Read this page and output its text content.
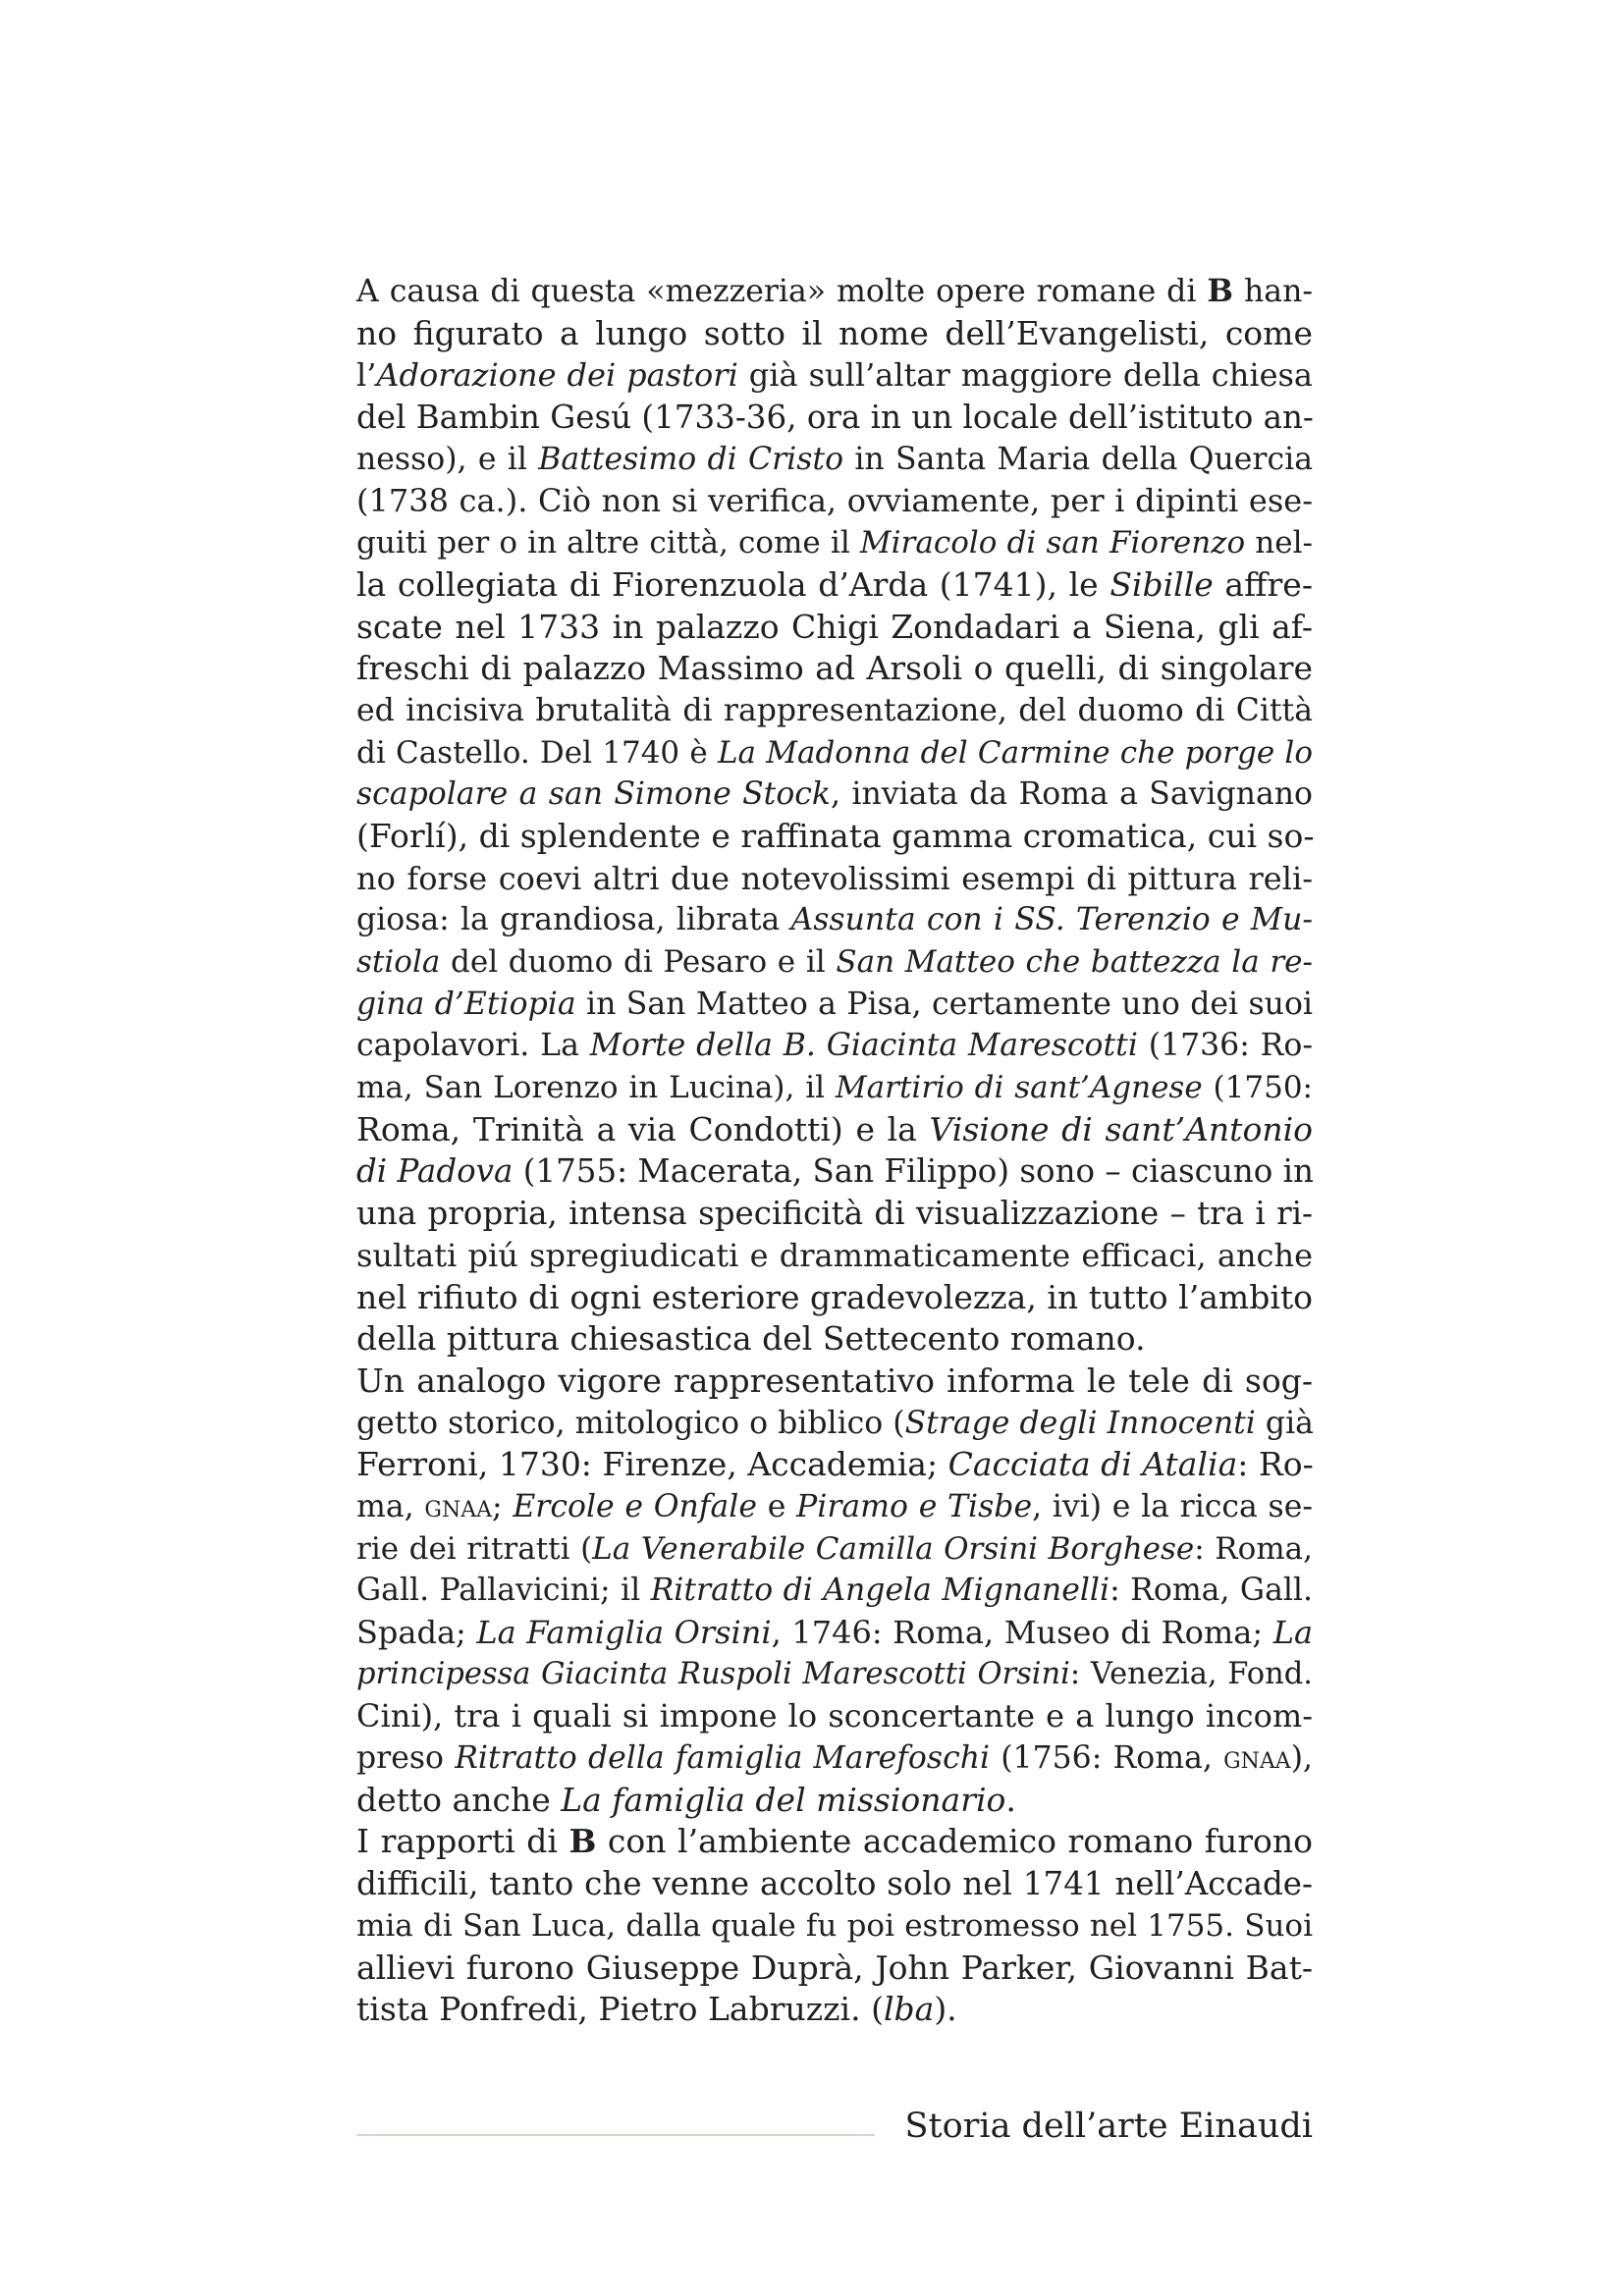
A causa di questa «mezzeria» molte opere romane di B han-
no figurato a lungo sotto il nome dell’Evangelisti, come
l’Adorazione dei pastori già sull’altar maggiore della chiesa
del Bambin Gesú (1733-36, ora in un locale dell’istituto an-
nesso), e il Battesimo di Cristo in Santa Maria della Quercia
(1738 ca.). Ciò non si verifica, ovviamente, per i dipinti ese-
guiti per o in altre città, come il Miracolo di san Fiorenzo nel-
la collegiata di Fiorenzuola d’Arda (1741), le Sibille affre-
scate nel 1733 in palazzo Chigi Zondadari a Siena, gli af-
freschi di palazzo Massimo ad Arsoli o quelli, di singolare
ed incisiva brutalità di rappresentazione, del duomo di Città
di Castello. Del 1740 è La Madonna del Carmine che porge lo
scapolare a san Simone Stock, inviata da Roma a Savignano
(Forlí), di splendente e raffinata gamma cromatica, cui so-
no forse coevi altri due notevolissimi esempi di pittura reli-
giosa: la grandiosa, librata Assunta con i SS. Terenzio e Mu-
stiola del duomo di Pesaro e il San Matteo che battezza la re-
gina d’Etiopia in San Matteo a Pisa, certamente uno dei suoi
capolavori. La Morte della B. Giacinta Marescotti (1736: Ro-
ma, San Lorenzo in Lucina), il Martirio di sant’Agnese (1750:
Roma, Trinità a via Condotti) e la Visione di sant’Antonio
di Padova (1755: Macerata, San Filippo) sono – ciascuno in
una propria, intensa specificità di visualizzazione – tra i ri-
sultati piú spregiudicati e drammaticamente efficaci, anche
nel rifiuto di ogni esteriore gradevolezza, in tutto l’ambito
della pittura chiesastica del Settecento romano.
Un analogo vigore rappresentativo informa le tele di sog-
getto storico, mitologico o biblico (Strage degli Innocenti già
Ferroni, 1730: Firenze, Accademia; Cacciata di Atalia: Ro-
ma, gnaa; Ercole e Onfale e Piramo e Tisbe, ivi) e la ricca se-
rie dei ritratti (La Venerabile Camilla Orsini Borghese: Roma,
Gall. Pallavicini; il Ritratto di Angela Mignanelli: Roma, Gall.
Spada; La Famiglia Orsini, 1746: Roma, Museo di Roma; La
principessa Giacinta Ruspoli Marescotti Orsini: Venezia, Fond.
Cini), tra i quali si impone lo sconcertante e a lungo incom-
preso Ritratto della famiglia Marefoschi (1756: Roma, gnaa),
detto anche La famiglia del missionario.
I rapporti di B con l’ambiente accademico romano furono
difficili, tanto che venne accolto solo nel 1741 nell’Accade-
mia di San Luca, dalla quale fu poi estromesso nel 1755. Suoi
allievi furono Giuseppe Duprà, John Parker, Giovanni Bat-
tista Ponfredi, Pietro Labruzzi. (lba).
Storia dell’arte Einaudi
